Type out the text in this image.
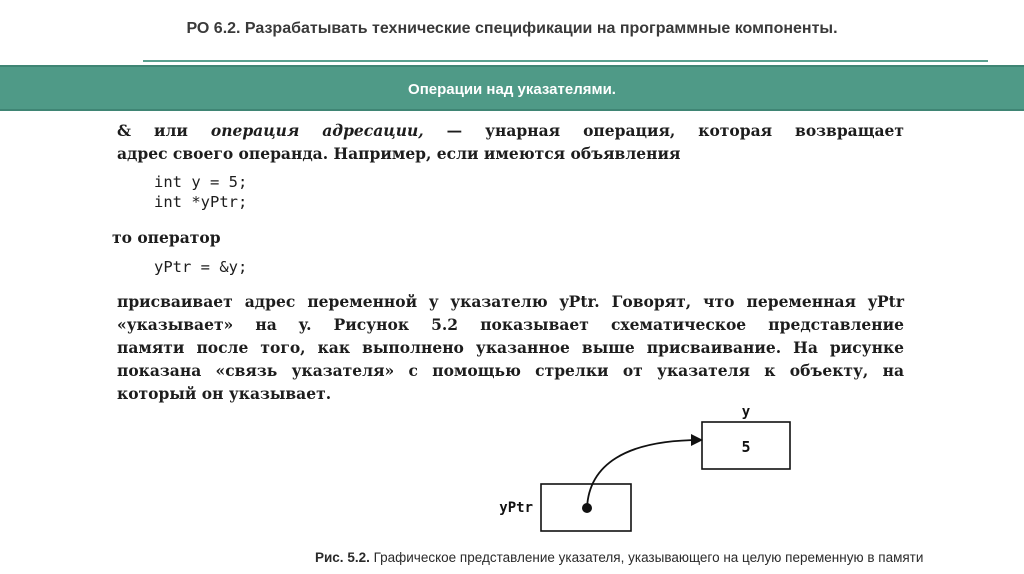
РО 6.2. Разрабатывать технические спецификации на программные компоненты.
Операции над указателями.
& или операция адресации, — унарная операция, которая возвращает
адрес своего операнда. Например, если имеются объявления
int y = 5;
int *yPtr;
то оператор
yPtr = &y;
присваивает адрес переменной y указателю yPtr. Говорят, что переменная yPtr
«указывает» на y. Рисунок 5.2 показывает схематическое представление
памяти после того, как выполнено указанное выше присваивание. На рисунке
показана «связь указателя» с помощью стрелки от указателя к объекту, на
который он указывает.
y
5
yPtr
Рис. 5.2. Графическое представление указателя, указывающего на целую переменную в памяти
